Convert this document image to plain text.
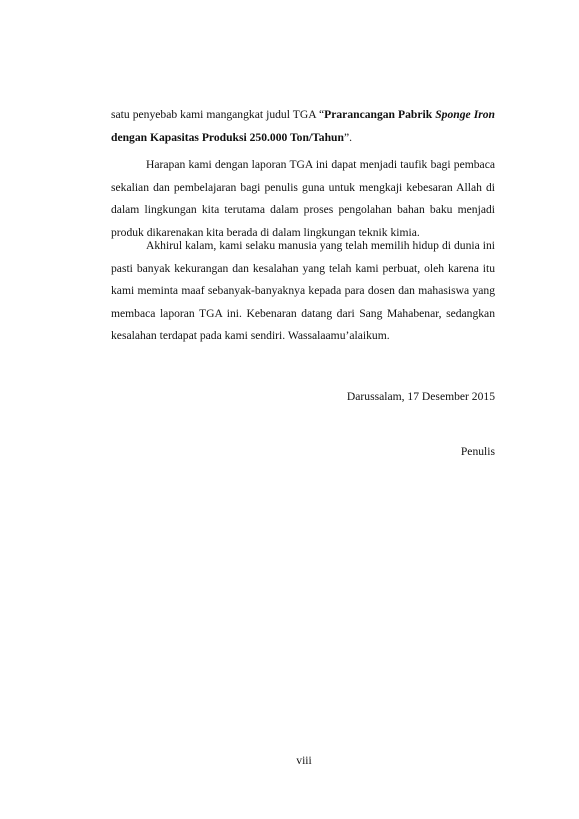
satu penyebab kami mangangkat judul TGA “Prarancangan Pabrik Sponge Iron dengan Kapasitas Produksi 250.000 Ton/Tahun”.
Harapan kami dengan laporan TGA ini dapat menjadi taufik bagi pembaca sekalian dan pembelajaran bagi penulis guna untuk mengkaji kebesaran Allah di dalam lingkungan kita terutama dalam proses pengolahan bahan baku menjadi produk dikarenakan kita berada di dalam lingkungan teknik kimia.
Akhirul kalam, kami selaku manusia yang telah memilih hidup di dunia ini pasti banyak kekurangan dan kesalahan yang telah kami perbuat, oleh karena itu kami meminta maaf sebanyak-banyaknya kepada para dosen dan mahasiswa yang membaca laporan TGA ini. Kebenaran datang dari Sang Mahabenar, sedangkan kesalahan terdapat pada kami sendiri. Wassalaamu’alaikum.
Darussalam, 17 Desember 2015
Penulis
viii
